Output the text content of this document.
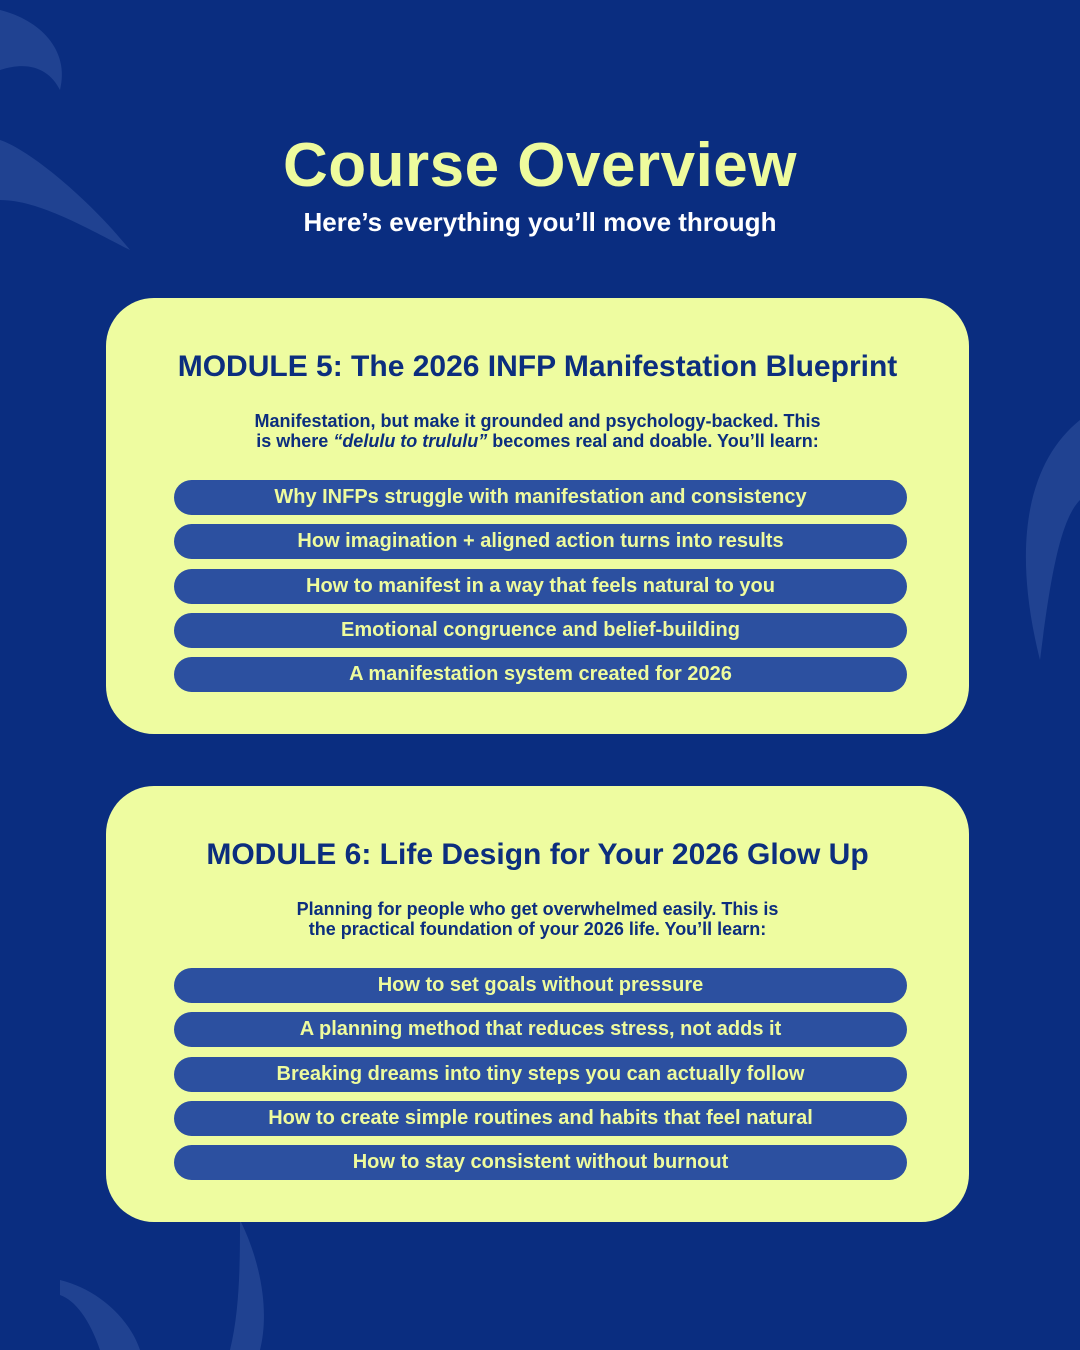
Course Overview

Here’s everything you’ll move through

MODULE 5: The 2026 INFP Manifestation Blueprint

Manifestation, but make it grounded and psychology-backed. This
is where “delulu to trululu” becomes real and doable. You’ll learn:

Why INFPs struggle with manifestation and consistency
How imagination + aligned action turns into results
How to manifest in a way that feels natural to you
Emotional congruence and belief-building
A manifestation system created for 2026
MODULE 6: Life Design for Your 2026 Glow Up

Planning for people who get overwhelmed easily. This is
the practical foundation of your 2026 life. You’ll learn:

How to set goals without pressure
A planning method that reduces stress, not adds it
Breaking dreams into tiny steps you can actually follow
How to create simple routines and habits that feel natural
How to stay consistent without burnout
